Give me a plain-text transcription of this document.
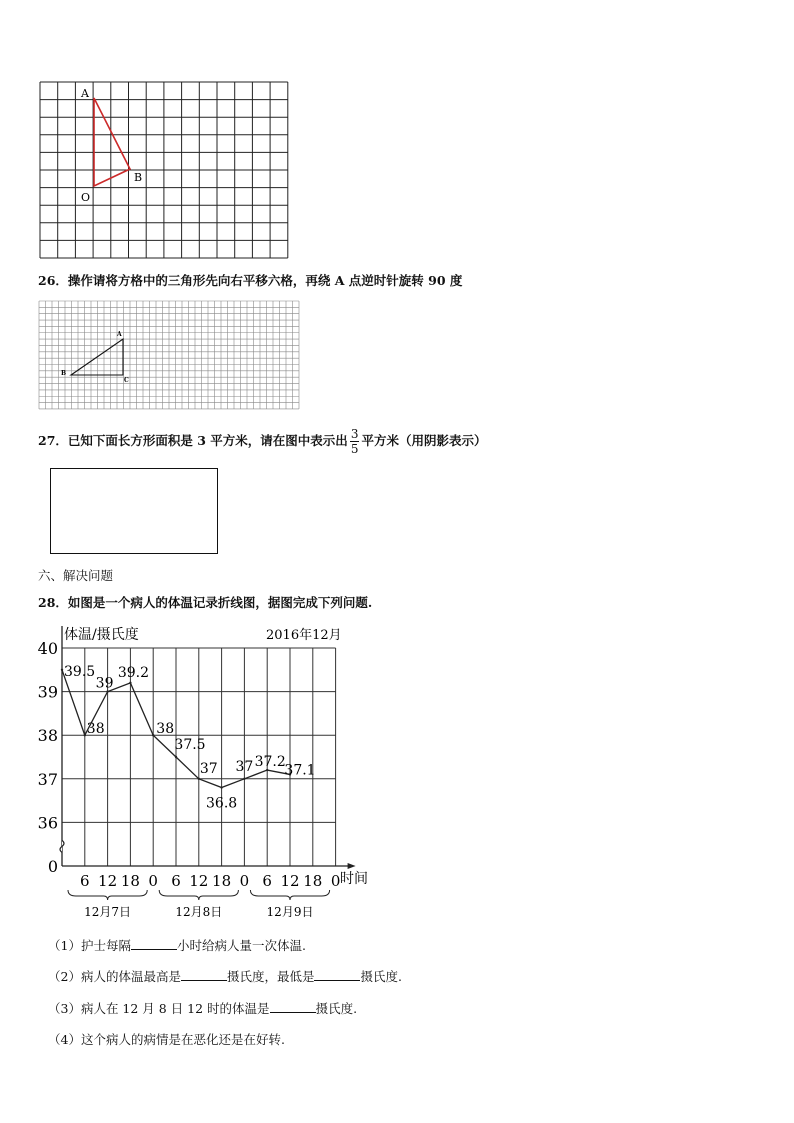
A
B
O
26．操作请将方格中的三角形先向右平移六格，再绕 A 点逆时针旋转 90 度
A
B
C
27．已知下面长方形面积是 3 平方米，请在图中表示出 $\frac{3}{5}$ 平方米（用阴影表示）
六、解决问题
28．如图是一个病人的体温记录折线图，据图完成下列问题.
体温/摄氏度	2016年12月
40
39
38
37
36
0
6 12 18 0 6 12 18 0 6 12 18 0
39.5
38
39
39.2
38
37.5
37
36.8
37 37.2
37.1
时间
12月7日	12月8日	12月9日
（1）护士每隔	小时给病人量一次体温.
（2）病人的体温最高是	摄氏度，最低是	摄氏度.
（3）病人在 12 月 8 日 12 时的体温是	摄氏度.
（4）这个病人的病情是在恶化还是在好转.
